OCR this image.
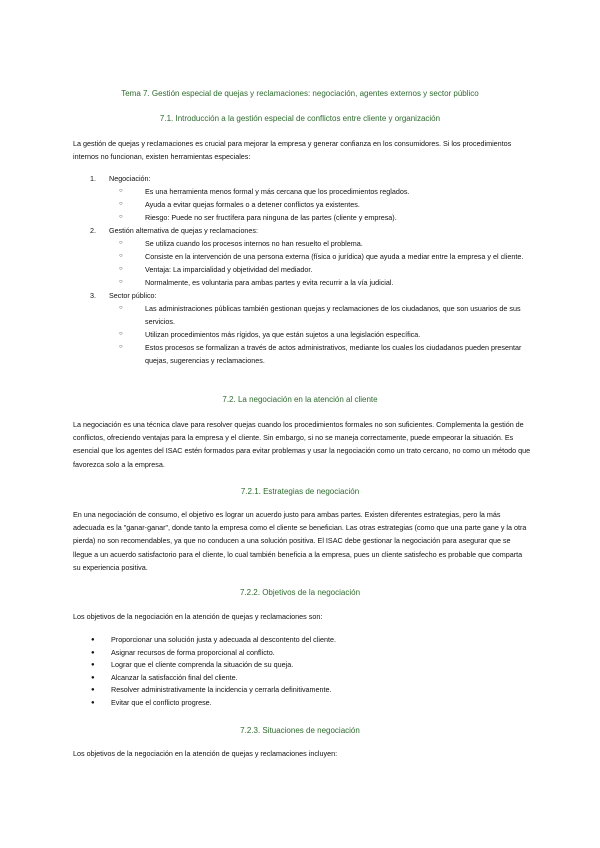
Tema 7. Gestión especial de quejas y reclamaciones: negociación, agentes externos y sector público
7.1. Introducción a la gestión especial de conflictos entre cliente y organización
La gestión de quejas y reclamaciones es crucial para mejorar la empresa y generar confianza en los consumidores. Si los procedimientos internos no funcionan, existen herramientas especiales:
1. Negociación:
○	Es una herramienta menos formal y más cercana que los procedimientos reglados.
○	Ayuda a evitar quejas formales o a detener conflictos ya existentes.
○	Riesgo: Puede no ser fructífera para ninguna de las partes (cliente y empresa).
2. Gestión alternativa de quejas y reclamaciones:
○	Se utiliza cuando los procesos internos no han resuelto el problema.
○	Consiste en la intervención de una persona externa (física o jurídica) que ayuda a mediar entre la empresa y el cliente.
○	Ventaja: La imparcialidad y objetividad del mediador.
○	Normalmente, es voluntaria para ambas partes y evita recurrir a la vía judicial.
3. Sector público:
○	Las administraciones públicas también gestionan quejas y reclamaciones de los ciudadanos, que son usuarios de sus servicios.
○	Utilizan procedimientos más rígidos, ya que están sujetos a una legislación específica.
○	Estos procesos se formalizan a través de actos administrativos, mediante los cuales los ciudadanos pueden presentar quejas, sugerencias y reclamaciones.
7.2. La negociación en la atención al cliente
La negociación es una técnica clave para resolver quejas cuando los procedimientos formales no son suficientes. Complementa la gestión de conflictos, ofreciendo ventajas para la empresa y el cliente. Sin embargo, si no se maneja correctamente, puede empeorar la situación. Es esencial que los agentes del ISAC estén formados para evitar problemas y usar la negociación como un trato cercano, no como un método que favorezca solo a la empresa.
7.2.1. Estrategias de negociación
En una negociación de consumo, el objetivo es lograr un acuerdo justo para ambas partes. Existen diferentes estrategias, pero la más adecuada es la "ganar-ganar", donde tanto la empresa como el cliente se benefician. Las otras estrategias (como que una parte gane y la otra pierda) no son recomendables, ya que no conducen a una solución positiva. El ISAC debe gestionar la negociación para asegurar que se llegue a un acuerdo satisfactorio para el cliente, lo cual también beneficia a la empresa, pues un cliente satisfecho es probable que comparta su experiencia positiva.
7.2.2. Objetivos de la negociación
Los objetivos de la negociación en la atención de quejas y reclamaciones son:
● Proporcionar una solución justa y adecuada al descontento del cliente.
● Asignar recursos de forma proporcional al conflicto.
● Lograr que el cliente comprenda la situación de su queja.
● Alcanzar la satisfacción final del cliente.
● Resolver administrativamente la incidencia y cerrarla definitivamente.
● Evitar que el conflicto progrese.
7.2.3. Situaciones de negociación
Los objetivos de la negociación en la atención de quejas y reclamaciones incluyen:
